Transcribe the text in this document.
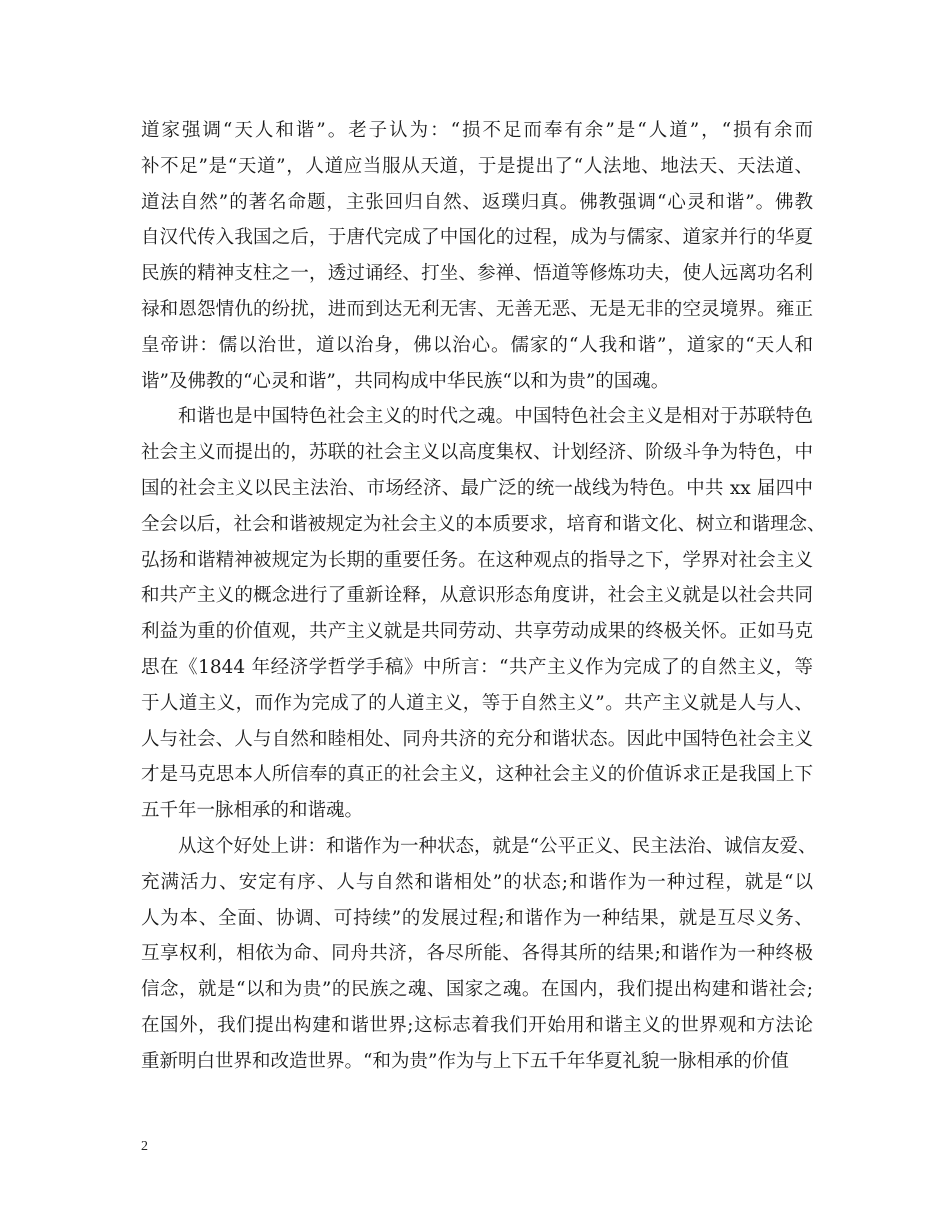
道家强调“天人和谐”。老子认为：“损不足而奉有余”是“人道”，“损有余而
补不足”是“天道”，人道应当服从天道，于是提出了“人法地、地法天、天法道、
道法自然”的著名命题，主张回归自然、返璞归真。佛教强调“心灵和谐”。佛教
自汉代传入我国之后，于唐代完成了中国化的过程，成为与儒家、道家并行的华夏
民族的精神支柱之一，透过诵经、打坐、参禅、悟道等修炼功夫，使人远离功名利
禄和恩怨情仇的纷扰，进而到达无利无害、无善无恶、无是无非的空灵境界。雍正
皇帝讲：儒以治世，道以治身，佛以治心。儒家的“人我和谐”，道家的“天人和
谐”及佛教的“心灵和谐”，共同构成中华民族“以和为贵”的国魂。
和谐也是中国特色社会主义的时代之魂。中国特色社会主义是相对于苏联特色
社会主义而提出的，苏联的社会主义以高度集权、计划经济、阶级斗争为特色，中
国的社会主义以民主法治、市场经济、最广泛的统一战线为特色。中共 xx 届四中
全会以后，社会和谐被规定为社会主义的本质要求，培育和谐文化、树立和谐理念、
弘扬和谐精神被规定为长期的重要任务。在这种观点的指导之下，学界对社会主义
和共产主义的概念进行了重新诠释，从意识形态角度讲，社会主义就是以社会共同
利益为重的价值观，共产主义就是共同劳动、共享劳动成果的终极关怀。正如马克
思在《1844 年经济学哲学手稿》中所言：“共产主义作为完成了的自然主义，等
于人道主义，而作为完成了的人道主义，等于自然主义”。共产主义就是人与人、
人与社会、人与自然和睦相处、同舟共济的充分和谐状态。因此中国特色社会主义
才是马克思本人所信奉的真正的社会主义，这种社会主义的价值诉求正是我国上下
五千年一脉相承的和谐魂。
从这个好处上讲：和谐作为一种状态，就是“公平正义、民主法治、诚信友爱、
充满活力、安定有序、人与自然和谐相处”的状态;和谐作为一种过程，就是“以
人为本、全面、协调、可持续”的发展过程;和谐作为一种结果，就是互尽义务、
互享权利，相依为命、同舟共济，各尽所能、各得其所的结果;和谐作为一种终极
信念，就是“以和为贵”的民族之魂、国家之魂。在国内，我们提出构建和谐社会;
在国外，我们提出构建和谐世界;这标志着我们开始用和谐主义的世界观和方法论
重新明白世界和改造世界。“和为贵”作为与上下五千年华夏礼貌一脉相承的价值
2
